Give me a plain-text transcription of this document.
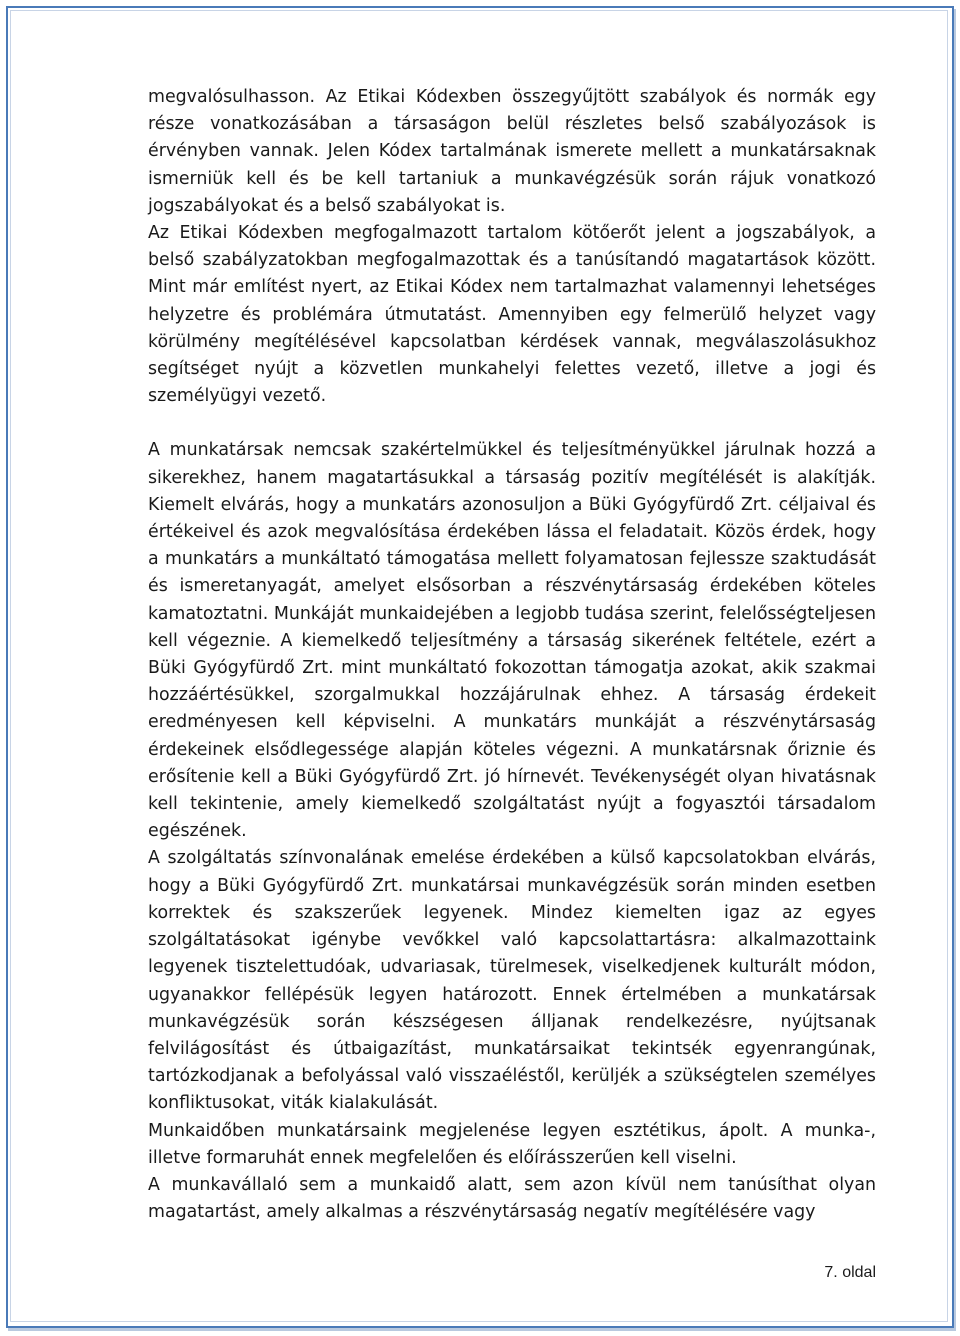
megvalósulhasson. Az Etikai Kódexben összegyűjtött szabályok és normák egy része vonatkozásában a társaságon belül részletes belső szabályozások is érvényben vannak. Jelen Kódex tartalmának ismerete mellett a munkatársaknak ismerniük kell és be kell tartaniuk a munkavégzésük során rájuk vonatkozó jogszabályokat és a belső szabályokat is.

Az Etikai Kódexben megfogalmazott tartalom kötőerőt jelent a jogszabályok, a belső szabályzatokban megfogalmazottak és a tanúsítandó magatartások között. Mint már említést nyert, az Etikai Kódex nem tartalmazhat valamennyi lehetséges helyzetre és problémára útmutatást. Amennyiben egy felmerülő helyzet vagy körülmény megítélésével kapcsolatban kérdések vannak, megválaszolásukhoz segítséget nyújt a közvetlen munkahelyi felettes vezető, illetve a jogi és személyügyi vezető.

A munkatársak nemcsak szakértelmükkel és teljesítményükkel járulnak hozzá a sikerekhez, hanem magatartásukkal a társaság pozitív megítélését is alakítják. Kiemelt elvárás, hogy a munkatárs azonosuljon a Büki Gyógyfürdő Zrt. céljaival és értékeivel és azok megvalósítása érdekében lássa el feladatait. Közös érdek, hogy a munkatárs a munkáltató támogatása mellett folyamatosan fejlessze szaktudását és ismeretanyagát, amelyet elsősorban a részvénytársaság érdekében köteles kamatoztatni. Munkáját munkaidejében a legjobb tudása szerint, felelősségteljesen kell végeznie. A kiemelkedő teljesítmény a társaság sikerének feltétele, ezért a Büki Gyógyfürdő Zrt. mint munkáltató fokozottan támogatja azokat, akik szakmai hozzáértésükkel, szorgalmukkal hozzájárulnak ehhez. A társaság érdekeit eredményesen kell képviselni. A munkatárs munkáját a részvénytársaság érdekeinek elsődlegessége alapján köteles végezni. A munkatársnak őriznie és erősítenie kell a Büki Gyógyfürdő Zrt. jó hírnevét. Tevékenységét olyan hivatásnak kell tekintenie, amely kiemelkedő szolgáltatást nyújt a fogyasztói társadalom egészének.

A szolgáltatás színvonalának emelése érdekében a külső kapcsolatokban elvárás, hogy a Büki Gyógyfürdő Zrt. munkatársai munkavégzésük során minden esetben korrektek és szakszerűek legyenek. Mindez kiemelten igaz az egyes szolgáltatásokat igénybe vevőkkel való kapcsolattartásra: alkalmazottaink legyenek tisztelettudóak, udvariasak, türelmesek, viselkedjenek kulturált módon, ugyanakkor fellépésük legyen határozott. Ennek értelmében a munkatársak munkavégzésük során készségesen álljanak rendelkezésre, nyújtsanak felvilágosítást és útbaigazítást, munkatársaikat tekintsék egyenrangúnak, tartózkodjanak a befolyással való visszaéléstől, kerüljék a szükségtelen személyes konfliktusokat, viták kialakulását.

Munkaidőben munkatársaink megjelenése legyen esztétikus, ápolt. A munka-, illetve formaruhát ennek megfelelően és előírásszerűen kell viselni.

A munkavállaló sem a munkaidő alatt, sem azon kívül nem tanúsíthat olyan magatartást, amely alkalmas a részvénytársaság negatív megítélésére vagy

7. oldal
